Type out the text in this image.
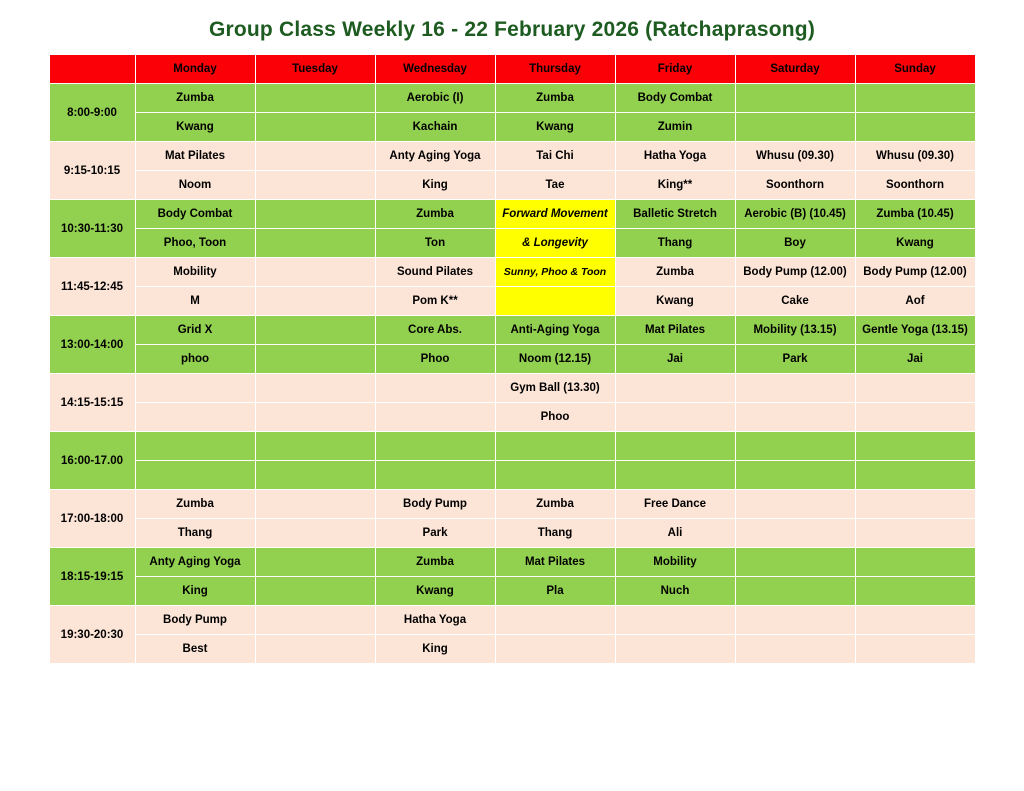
Group Class Weekly 16 - 22 February 2026 (Ratchaprasong)
	Monday	Tuesday	Wednesday	Thursday	Friday	Saturday	Sunday
8:00-9:00	Zumba		Aerobic (I)	Zumba	Body Combat		
	Kwang		Kachain	Kwang	Zumin		
9:15-10:15	Mat Pilates		Anty Aging Yoga	Tai Chi	Hatha Yoga	Whusu (09.30)	Whusu (09.30)
	Noom		King	Tae	King**	Soonthorn	Soonthorn
10:30-11:30	Body Combat		Zumba	Forward Movement	Balletic Stretch	Aerobic (B) (10.45)	Zumba (10.45)
	Phoo, Toon		Ton	& Longevity	Thang	Boy	Kwang
11:45-12:45	Mobility		Sound Pilates	Sunny, Phoo & Toon	Zumba	Body Pump (12.00)	Body Pump (12.00)
	M		Pom K**		Kwang	Cake	Aof
13:00-14:00	Grid X		Core Abs.	Anti-Aging Yoga	Mat Pilates	Mobility (13.15)	Gentle Yoga (13.15)
	phoo		Phoo	Noom (12.15)	Jai	Park	Jai
14:15-15:15				Gym Ball (13.30)			
				Phoo			
16:00-17.00							

17:00-18:00	Zumba		Body Pump	Zumba	Free Dance		
	Thang		Park	Thang	Ali		
18:15-19:15	Anty Aging Yoga		Zumba	Mat Pilates	Mobility		
	King		Kwang	Pla	Nuch		
19:30-20:30	Body Pump		Hatha Yoga				
	Best		King				
